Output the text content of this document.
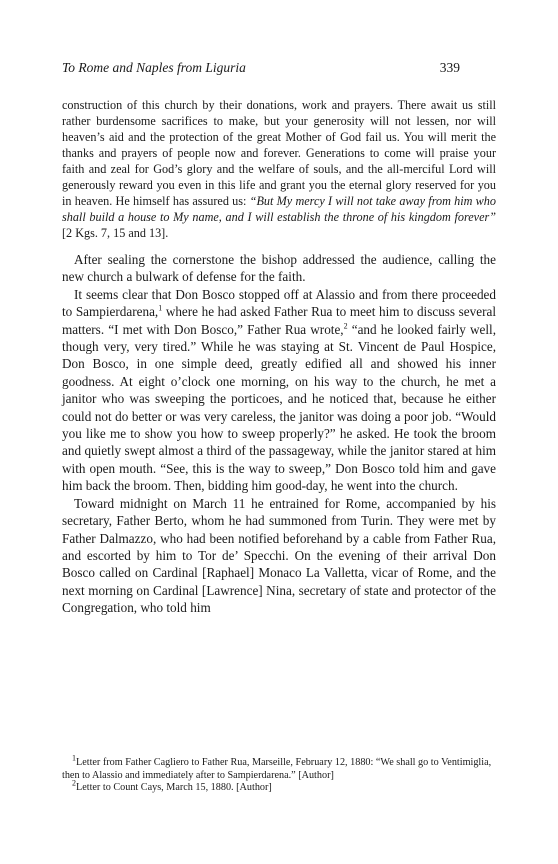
To Rome and Naples from Liguria	339

construction of this church by their donations, work and prayers. There await us still rather burdensome sacrifices to make, but your generosity will not lessen, nor will heaven’s aid and the protection of the great Mother of God fail us. You will merit the thanks and prayers of people now and forever. Generations to come will praise your faith and zeal for God’s glory and the welfare of souls, and the all-merciful Lord will generously reward you even in this life and grant you the eternal glory reserved for you in heaven. He himself has assured us: “But My mercy I will not take away from him who shall build a house to My name, and I will establish the throne of his kingdom forever” [2 Kgs. 7, 15 and 13].

After sealing the cornerstone the bishop addressed the audience, calling the new church a bulwark of defense for the faith.

It seems clear that Don Bosco stopped off at Alassio and from there proceeded to Sampierdarena,$^1$ where he had asked Father Rua to meet him to discuss several matters. “I met with Don Bosco,” Father Rua wrote,$^2$ “and he looked fairly well, though very, very tired.” While he was staying at St. Vincent de Paul Hospice, Don Bosco, in one simple deed, greatly edified all and showed his inner goodness. At eight o’clock one morning, on his way to the church, he met a janitor who was sweeping the porticoes, and he noticed that, because he either could not do better or was very careless, the janitor was doing a poor job. “Would you like me to show you how to sweep properly?” he asked. He took the broom and quietly swept almost a third of the passageway, while the janitor stared at him with open mouth. “See, this is the way to sweep,” Don Bosco told him and gave him back the broom. Then, bidding him good-day, he went into the church.

Toward midnight on March 11 he entrained for Rome, accompanied by his secretary, Father Berto, whom he had summoned from Turin. They were met by Father Dalmazzo, who had been notified beforehand by a cable from Father Rua, and escorted by him to Tor de’ Specchi. On the evening of their arrival Don Bosco called on Cardinal [Raphael] Monaco La Valletta, vicar of Rome, and the next morning on Cardinal [Lawrence] Nina, secretary of state and protector of the Congregation, who told him

$^1$Letter from Father Cagliero to Father Rua, Marseille, February 12, 1880: “We shall go to Ventimiglia, then to Alassio and immediately after to Sampierdarena.” [Author]

$^2$Letter to Count Cays, March 15, 1880. [Author]
